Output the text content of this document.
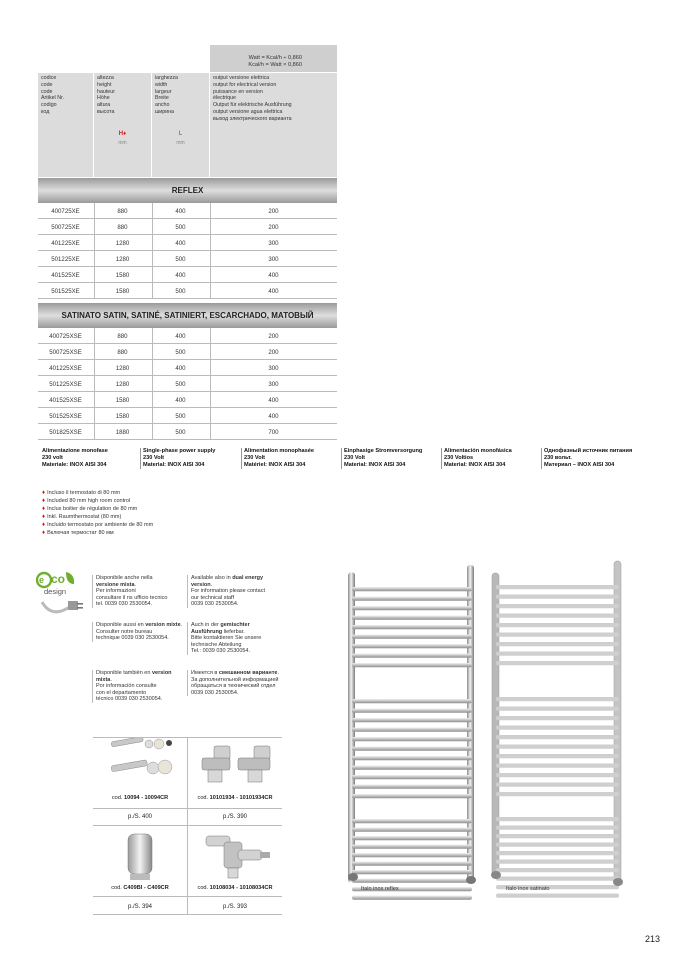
Watt = Kcal/h ÷ 0,860
Kcal/h = Watt × 0,860
codice
code
code
Artikel Nr.
codigo
код
altezza
height
hauteur
Höhe
altura
высота
larghezza
width
largeur
Breite
ancho
ширина
output versione elettrica
output for electrical version
puissance en version
électrique
Output für elektrische Ausführung
output versione agua elettrica
выход электрического варианта
H♦	L
mm	mm
REFLEX
400725XE	880	400	200
500725XE	880	500	200
401225XE	1280	400	300
501225XE	1280	500	300
401525XE	1580	400	400
501525XE	1580	500	400
SATINATO SATIN, SATINÉ, SATINIERT, ESCARCHADO, МАТОВЫЙ
400725XSE	880	400	200
500725XSE	880	500	200
401225XSE	1280	400	300
501225XSE	1280	500	300
401525XSE	1580	400	400
501525XSE	1580	500	400
501825XSE	1880	500	700
Alimentazione monofase
230 volt
Materiale: INOX AISI 304
Single-phase power supply
230 Volt
Material: INOX AISI 304
Alimentation monophasée
230 Volt
Matériel: INOX AISI 304
Einphasige Stromversorgung
230 Volt
Material: INOX AISI 304
Alimentación monofásica
230 Voltios
Material: INOX AISI 304
Однофазный источник питания
230 вольт.
Материал – INOX AISI 304
♦ Incluso il termostato di 80 mm
♦ Included 80 mm high room control
♦ Inclus boitier de régulation de 80 mm
♦ Inkl. Raumthermostat (80 mm)
♦ Incluido termostato por ambiente de 80 mm
♦ Включая термостат 80 мм
e co
design
Disponibile anche nella
versione mista.
Per informazioni
consultare il ns ufficio tecnico
tel. 0039 030 2530054.
Available also in dual energy version.
For information please contact
our technical staff
0039 030 2530054.
Disponible aussi en version mixte.
Consulter notre bureau
technique 0039 030 2530054.
Auch in der gemischter Ausführung lieferbar.
Bitte kontaktieren Sie unsere
technische Abteilung
Tel.: 0039 030 2530054.
Disponible también en version mixta.
Por información consulte
con el departamento
técnico 0039 030 2530054.
Имеется в смешанном варианте.
За дополнительной информацией
обращаться в технический отдел
0039 030 2530054.
cod. 10094 - 10094CR	cod. 10101934 - 10101934CR
p./S. 400	p./S. 390
cod. C409BI - C409CR	cod. 10108034 - 10108034CR
p./S. 394	p./S. 393
Italo inox reflex	Italo inox satinato
213
